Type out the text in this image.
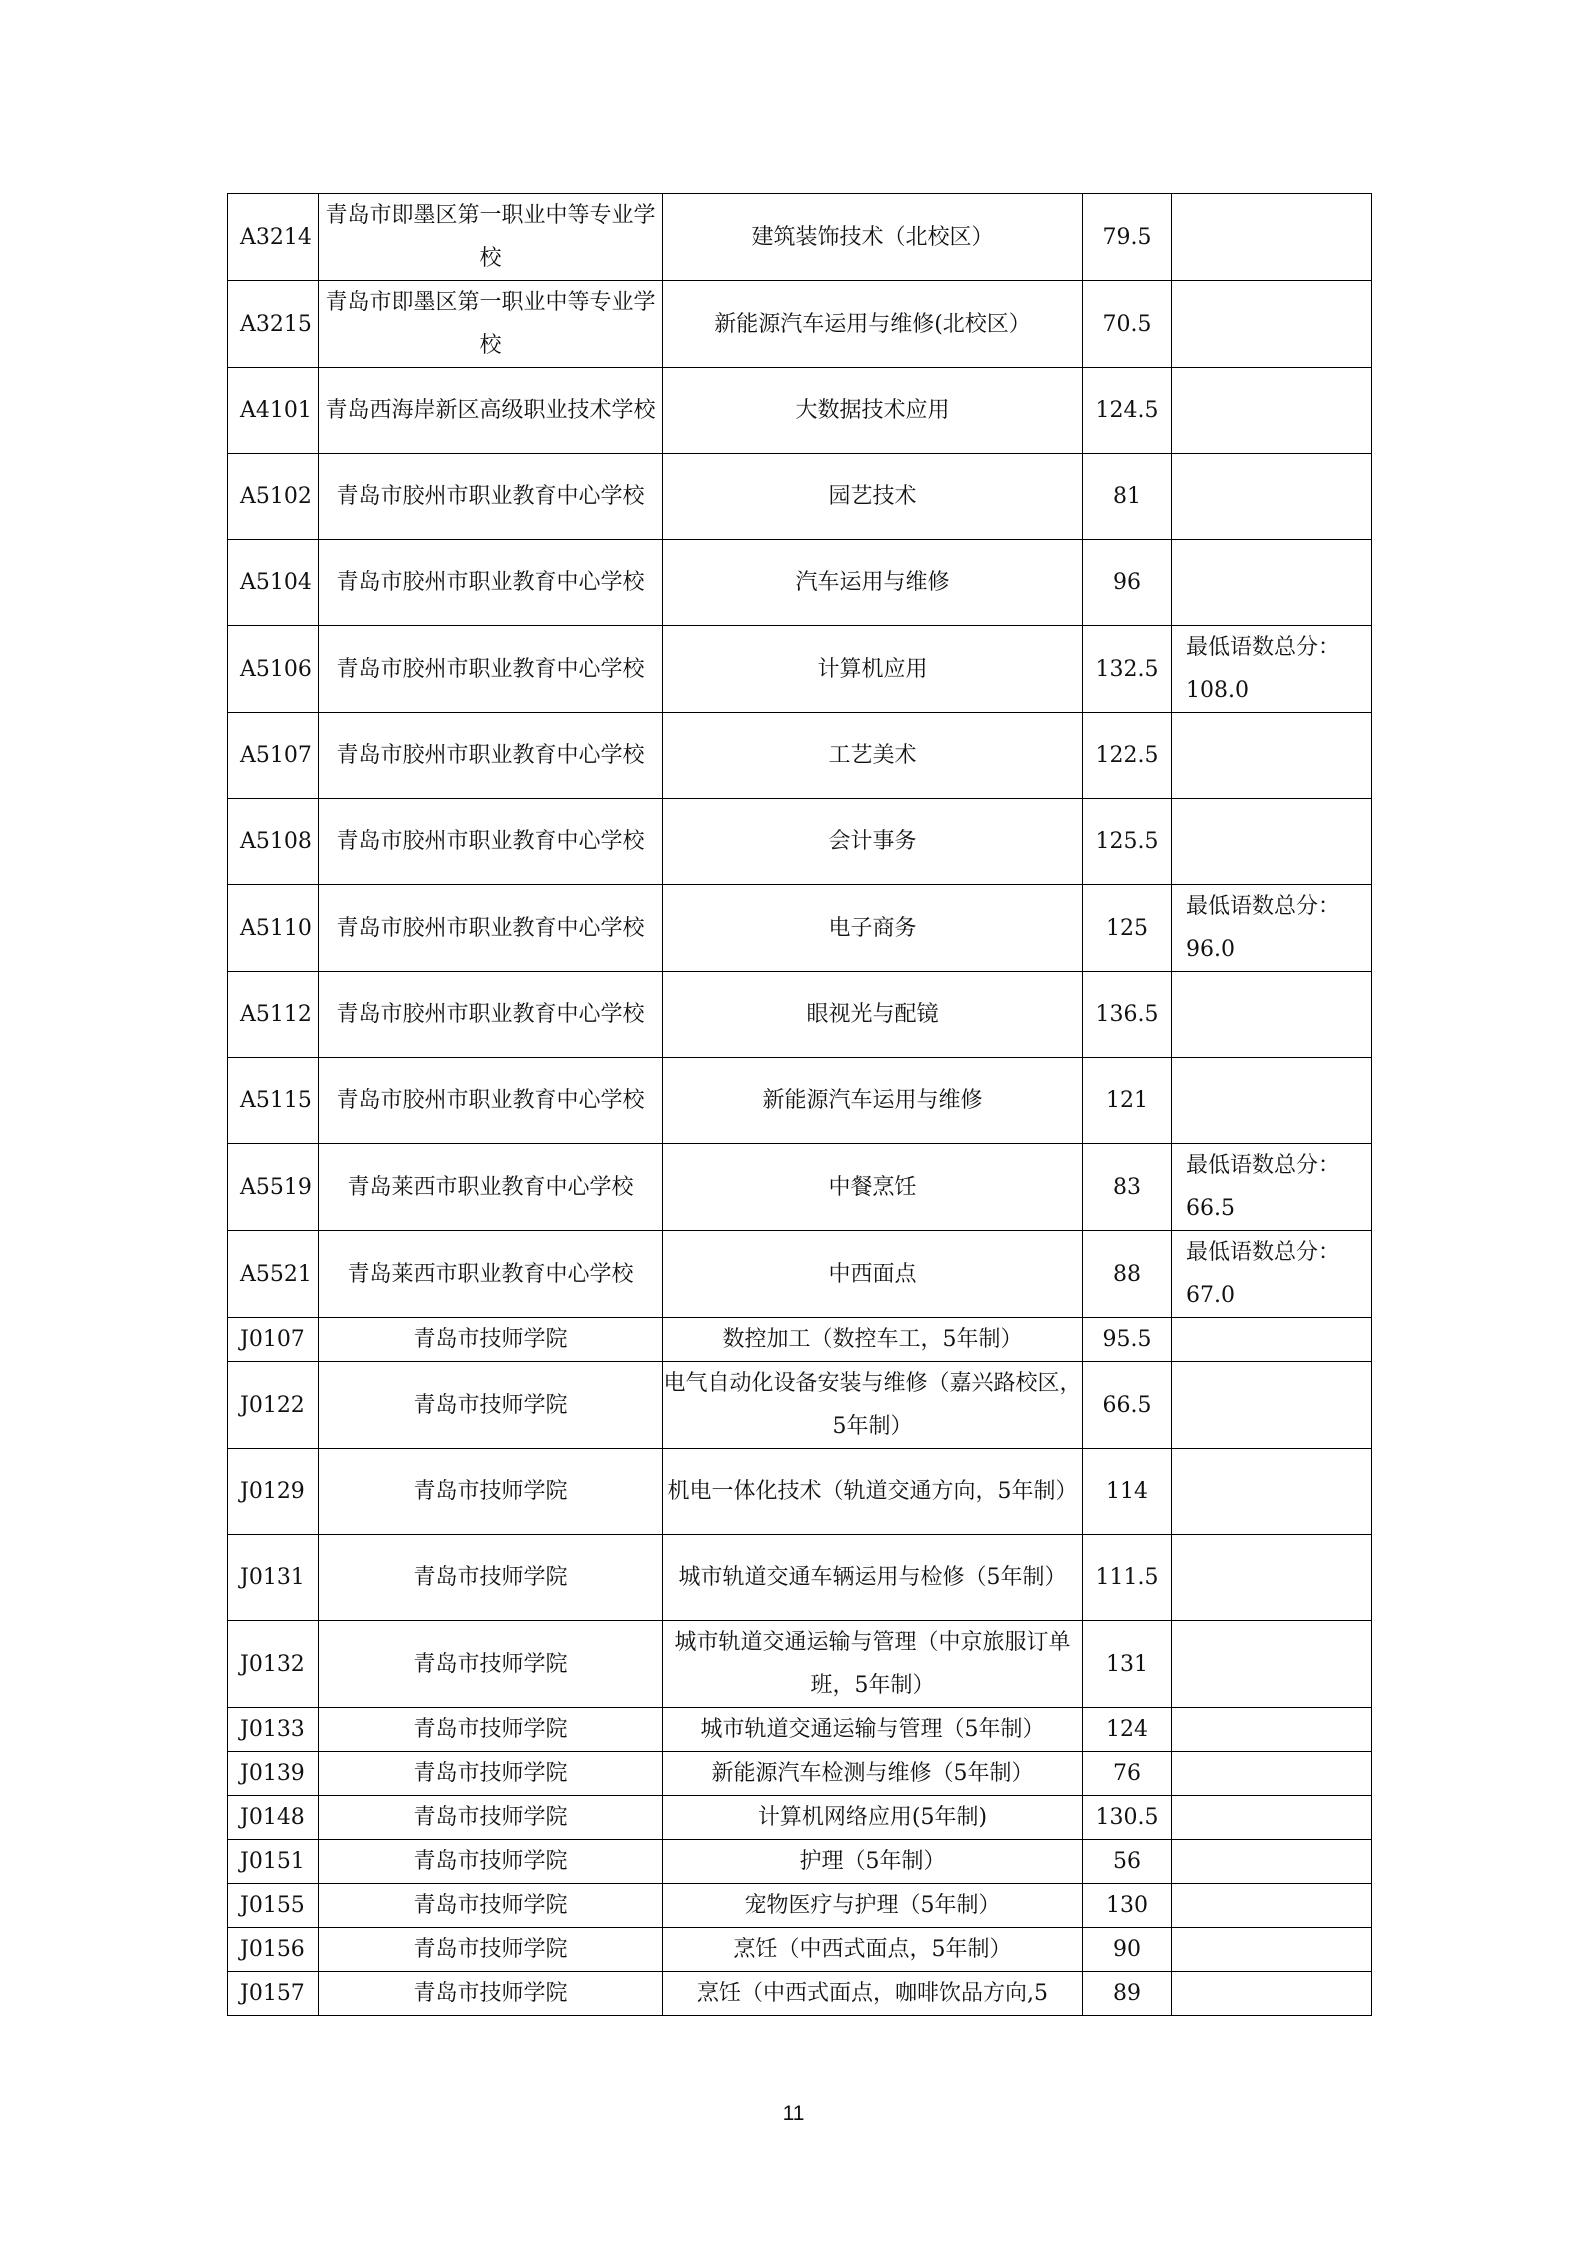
A3214	青岛市即墨区第一职业中等专业学校	建筑装饰技术（北校区）	79.5	
A3215	青岛市即墨区第一职业中等专业学校	新能源汽车运用与维修(北校区）	70.5	
A4101	青岛西海岸新区高级职业技术学校	大数据技术应用	124.5	
A5102	青岛市胶州市职业教育中心学校	园艺技术	81	
A5104	青岛市胶州市职业教育中心学校	汽车运用与维修	96	
A5106	青岛市胶州市职业教育中心学校	计算机应用	132.5	最低语数总分：108.0
A5107	青岛市胶州市职业教育中心学校	工艺美术	122.5	
A5108	青岛市胶州市职业教育中心学校	会计事务	125.5	
A5110	青岛市胶州市职业教育中心学校	电子商务	125	最低语数总分：96.0
A5112	青岛市胶州市职业教育中心学校	眼视光与配镜	136.5	
A5115	青岛市胶州市职业教育中心学校	新能源汽车运用与维修	121	
A5519	青岛莱西市职业教育中心学校	中餐烹饪	83	最低语数总分：66.5
A5521	青岛莱西市职业教育中心学校	中西面点	88	最低语数总分：67.0
J0107	青岛市技师学院	数控加工（数控车工，5年制）	95.5	
J0122	青岛市技师学院	电气自动化设备安装与维修（嘉兴路校区，5年制）	66.5	
J0129	青岛市技师学院	机电一体化技术（轨道交通方向，5年制）	114	
J0131	青岛市技师学院	城市轨道交通车辆运用与检修（5年制）	111.5	
J0132	青岛市技师学院	城市轨道交通运输与管理（中京旅服订单班，5年制）	131	
J0133	青岛市技师学院	城市轨道交通运输与管理（5年制）	124	
J0139	青岛市技师学院	新能源汽车检测与维修（5年制）	76	
J0148	青岛市技师学院	计算机网络应用(5年制)	130.5	
J0151	青岛市技师学院	护理（5年制）	56	
J0155	青岛市技师学院	宠物医疗与护理（5年制）	130	
J0156	青岛市技师学院	烹饪（中西式面点，5年制）	90	
J0157	青岛市技师学院	烹饪（中西式面点，咖啡饮品方向,5	89	
11
